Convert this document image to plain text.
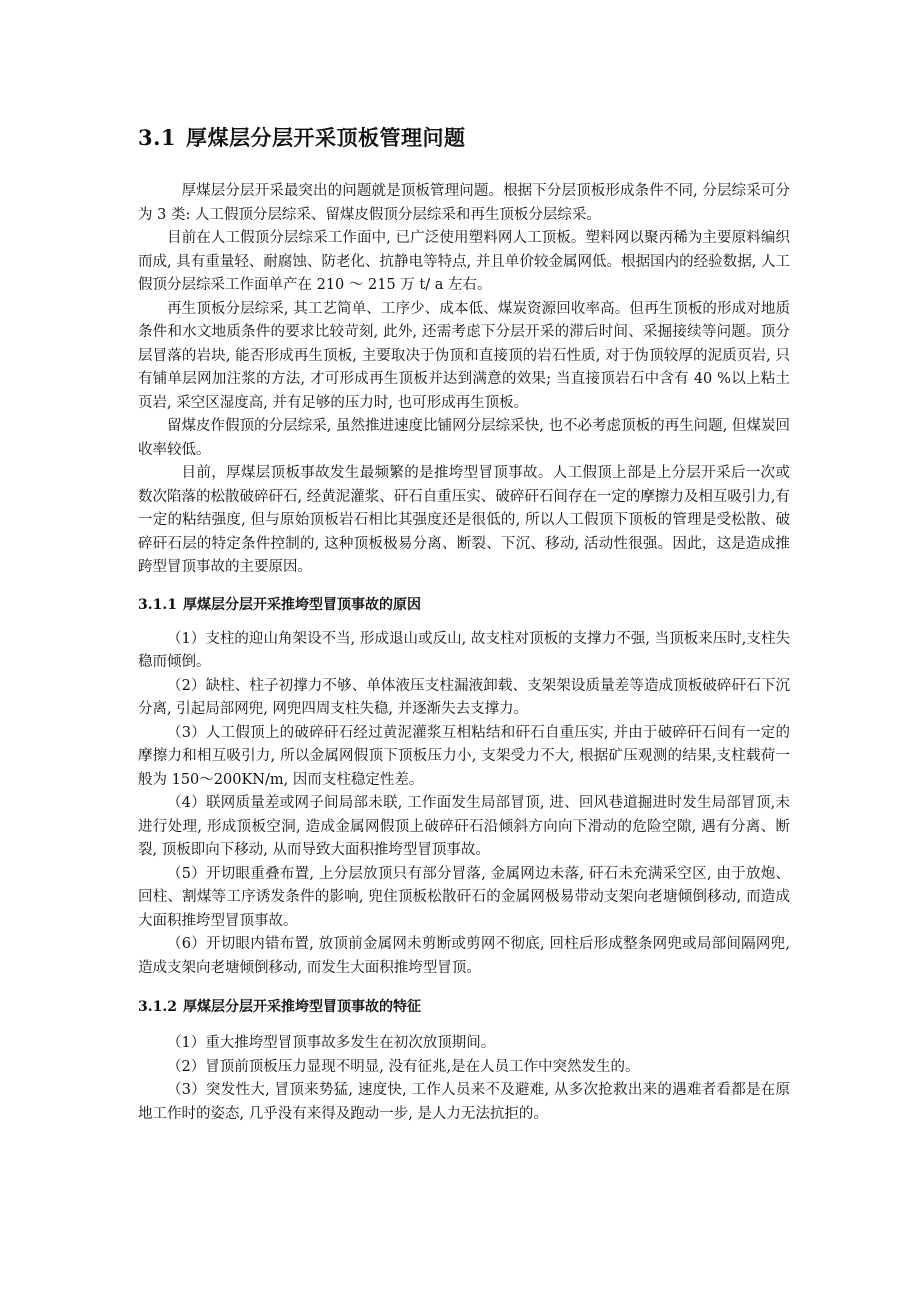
3.1 厚煤层分层开采顶板管理问题

厚煤层分层开采最突出的问题就是顶板管理问题。根据下分层顶板形成条件不同, 分层综采可分为 3 类: 人工假顶分层综采、留煤皮假顶分层综采和再生顶板分层综采。

目前在人工假顶分层综采工作面中, 已广泛使用塑料网人工顶板。塑料网以聚丙稀为主要原料编织而成, 具有重量轻、耐腐蚀、防老化、抗静电等特点, 并且单价较金属网低。根据国内的经验数据, 人工假顶分层综采工作面单产在 210 ～ 215 万 t/ a 左右。

再生顶板分层综采, 其工艺简单、工序少、成本低、煤炭资源回收率高。但再生顶板的形成对地质条件和水文地质条件的要求比较苛刻, 此外, 还需考虑下分层开采的滞后时间、采掘接续等问题。顶分层冒落的岩块, 能否形成再生顶板, 主要取决于伪顶和直接顶的岩石性质, 对于伪顶较厚的泥质页岩, 只有铺单层网加注浆的方法, 才可形成再生顶板并达到满意的效果; 当直接顶岩石中含有 40 %以上粘土页岩, 采空区湿度高, 并有足够的压力时, 也可形成再生顶板。

留煤皮作假顶的分层综采, 虽然推进速度比铺网分层综采快, 也不必考虑顶板的再生问题, 但煤炭回收率较低。

目前，厚煤层顶板事故发生最频繁的是推垮型冒顶事故。人工假顶上部是上分层开采后一次或数次陷落的松散破碎矸石, 经黄泥灌浆、矸石自重压实、破碎矸石间存在一定的摩擦力及相互吸引力,有一定的粘结强度, 但与原始顶板岩石相比其强度还是很低的, 所以人工假顶下顶板的管理是受松散、破碎矸石层的特定条件控制的, 这种顶板极易分离、断裂、下沉、移动, 活动性很强。因此，这是造成推跨型冒顶事故的主要原因。

3.1.1 厚煤层分层开采推垮型冒顶事故的原因

（1）支柱的迎山角架设不当, 形成退山或反山, 故支柱对顶板的支撑力不强, 当顶板来压时,支柱失稳而倾倒。

（2）缺柱、柱子初撑力不够、单体液压支柱漏液卸载、支架架设质量差等造成顶板破碎矸石下沉分离, 引起局部网兜, 网兜四周支柱失稳, 并逐渐失去支撑力。

（3）人工假顶上的破碎矸石经过黄泥灌浆互相粘结和矸石自重压实, 并由于破碎矸石间有一定的摩擦力和相互吸引力, 所以金属网假顶下顶板压力小, 支架受力不大, 根据矿压观测的结果,支柱载荷一般为 150～200KN/m, 因而支柱稳定性差。

（4）联网质量差或网子间局部未联, 工作面发生局部冒顶, 进、回风巷道掘进时发生局部冒顶,未进行处理, 形成顶板空洞, 造成金属网假顶上破碎矸石沿倾斜方向向下滑动的危险空隙, 遇有分离、断裂, 顶板即向下移动, 从而导致大面积推垮型冒顶事故。

（5）开切眼重叠布置, 上分层放顶只有部分冒落, 金属网边未落, 矸石未充满采空区, 由于放炮、回柱、割煤等工序诱发条件的影响, 兜住顶板松散矸石的金属网极易带动支架向老塘倾倒移动, 而造成大面积推垮型冒顶事故。

（6）开切眼内错布置, 放顶前金属网未剪断或剪网不彻底, 回柱后形成整条网兜或局部间隔网兜, 造成支架向老塘倾倒移动, 而发生大面积推垮型冒顶。

3.1.2 厚煤层分层开采推垮型冒顶事故的特征

（1）重大推垮型冒顶事故多发生在初次放顶期间。

（2）冒顶前顶板压力显现不明显, 没有征兆,是在人员工作中突然发生的。

（3）突发性大, 冒顶来势猛, 速度快, 工作人员来不及避难, 从多次抢救出来的遇难者看都是在原地工作时的姿态, 几乎没有来得及跑动一步, 是人力无法抗拒的。
